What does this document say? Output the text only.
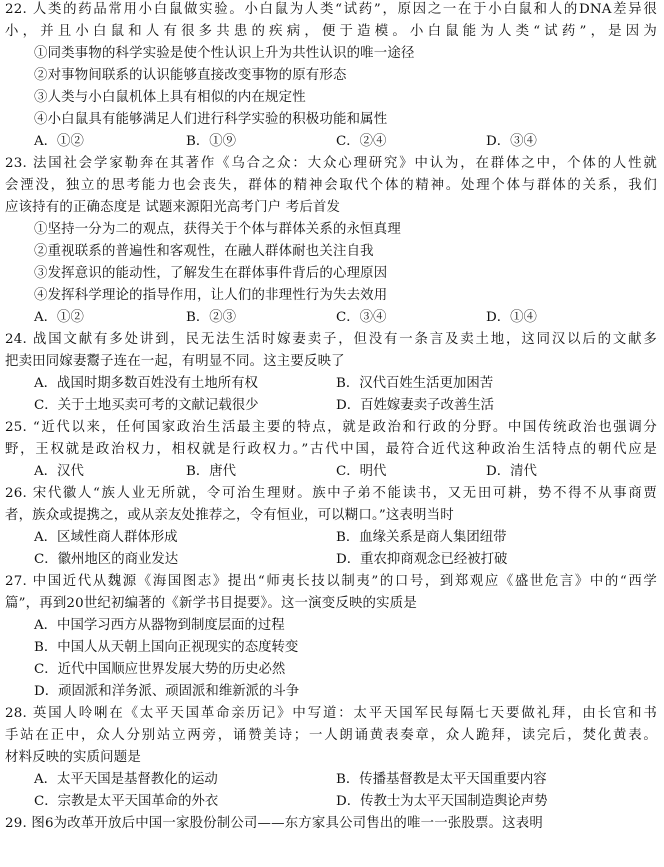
22. 人类的药品常用小白鼠做实验。小白鼠为人类“试药”，原因之一在于小白鼠和人的DNA差异很
小，并且小白鼠和人有很多共患的疾病，便于造模。小白鼠能为人类“试药”，是因为
①同类事物的科学实验是使个性认识上升为共性认识的唯一途径
②对事物间联系的认识能够直接改变事物的原有形态
③人类与小白鼠机体上具有相似的内在规定性
④小白鼠具有能够满足人们进行科学实验的积极功能和属性
A．①②	B．①⑨	C．②④	D．③④
23. 法国社会学家勒奔在其著作《乌合之众：大众心理研究》中认为，在群体之中，个体的人性就
会湮没，独立的思考能力也会丧失，群体的精神会取代个体的精神。处理个体与群体的关系，我们
应该持有的正确态度是 试题来源阳光高考门户 考后首发
①坚持一分为二的观点，获得关于个体与群体关系的永恒真理
②重视联系的普遍性和客观性，在融人群体耐也关注自我
③发挥意识的能动性，了解发生在群体事件背后的心理原因
④发挥科学理论的指导作用，让人们的非理性行为失去效用
A．①②	B．②③	C．③④	D．①④
24. 战国文献有多处讲到，民无法生活时嫁妻卖子，但没有一条言及卖土地，这同汉以后的文献多
把卖田同嫁妻鬻子连在一起，有明显不同。这主要反映了
A．战国时期多数百姓没有土地所有权	B．汉代百姓生活更加困苦
C．关于土地买卖可考的文献记载很少	D．百姓嫁妻卖子改善生活
25. “近代以来，任何国家政治生活最主要的特点，就是政治和行政的分野。中国传统政治也强调分
野，王权就是政治权力，相权就是行政权力。”古代中国，最符合近代这种政治生活特点的朝代应是
A．汉代	B．唐代	C．明代	D．清代
26. 宋代徽人“族人业无所就，令可治生理财。族中子弟不能读书，又无田可耕，势不得不从事商贾
者，族众或提携之，或从亲友处推荐之，令有恒业，可以糊口。”这表明当时
A．区域性商人群体形成	B．血缘关系是商人集团纽带
C．徽州地区的商业发达	D．重农抑商观念已经被打破
27. 中国近代从魏源《海国图志》提出“师夷长技以制夷”的口号，到郑观应《盛世危言》中的“西学
篇”，再到20世纪初编著的《新学书目提要》。这一演变反映的实质是
A．中国学习西方从器物到制度层面的过程
B．中国人从天朝上国向正视现实的态度转变
C．近代中国顺应世界发展大势的历史必然
D．顽固派和洋务派、顽固派和维新派的斗争
28. 英国人呤唎在《太平天国革命亲历记》中写道：太平天国军民每隔七天要做礼拜，由长官和书
手站在正中，众人分别站立两旁，诵赞美诗；一人朗诵黄表奏章，众人跪拜，读完后，焚化黄表。
材料反映的实质问题是
A．太平天国是基督教化的运动	B．传播基督教是太平天国重要内容
C．宗教是太平天国革命的外衣	D．传教士为太平天国制造舆论声势
29. 图6为改革开放后中国一家股份制公司——东方家具公司售出的唯一一张股票。这表明
